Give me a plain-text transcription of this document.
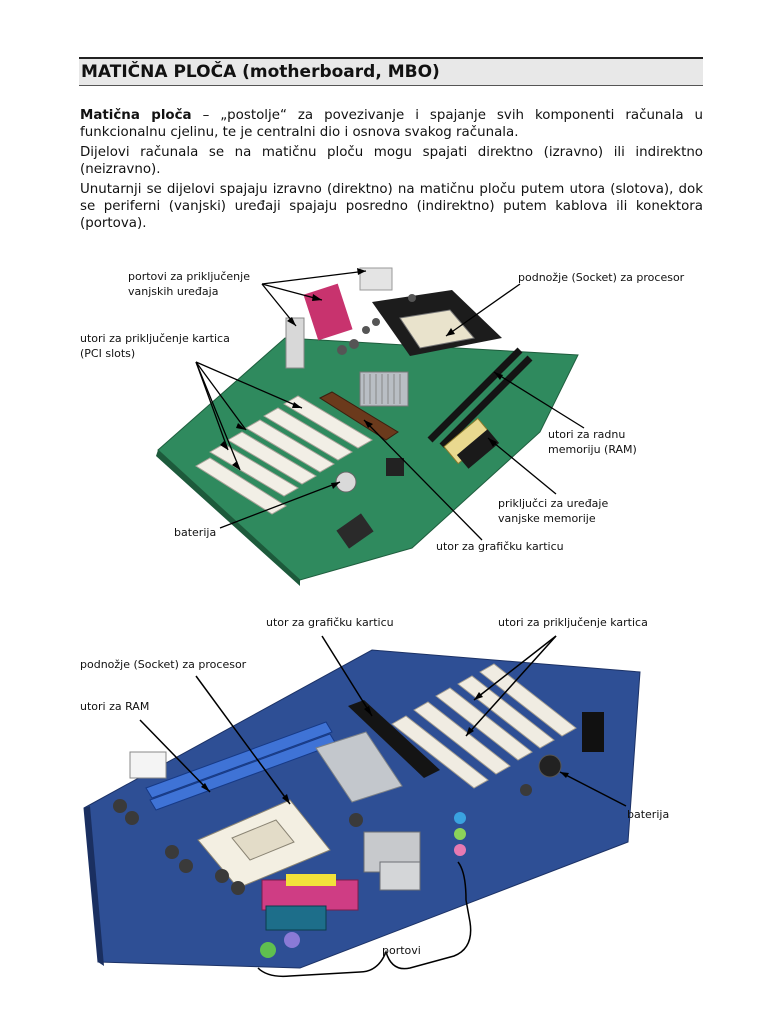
MATIČNA PLOČA (motherboard, MBO)

Matična ploča – „postolje“ za povezivanje i spajanje svih komponenti računala u funkcionalnu cjelinu, te je centralni dio i osnova svakog računala.

Dijelovi računala se na matičnu ploču mogu spajati direktno (izravno) ili indirektno (neizravno).

Unutarnji se dijelovi spajaju izravno (direktno) na matičnu ploču putem utora (slotova), dok se periferni (vanjski) uređaji spajaju posredno (indirektno) putem kablova ili konektora (portova).

portovi za priključenje
vanjskih uređaja
utori za priključenje kartica
(PCI slots)
podnožje (Socket) za procesor
utori za radnu
memoriju (RAM)
priključci za uređaje
vanjske memorije
baterija
utor za grafičku karticu
utor za grafičku karticu	utori za priključenje kartica
podnožje (Socket) za procesor
utori za RAM
baterija
portovi
